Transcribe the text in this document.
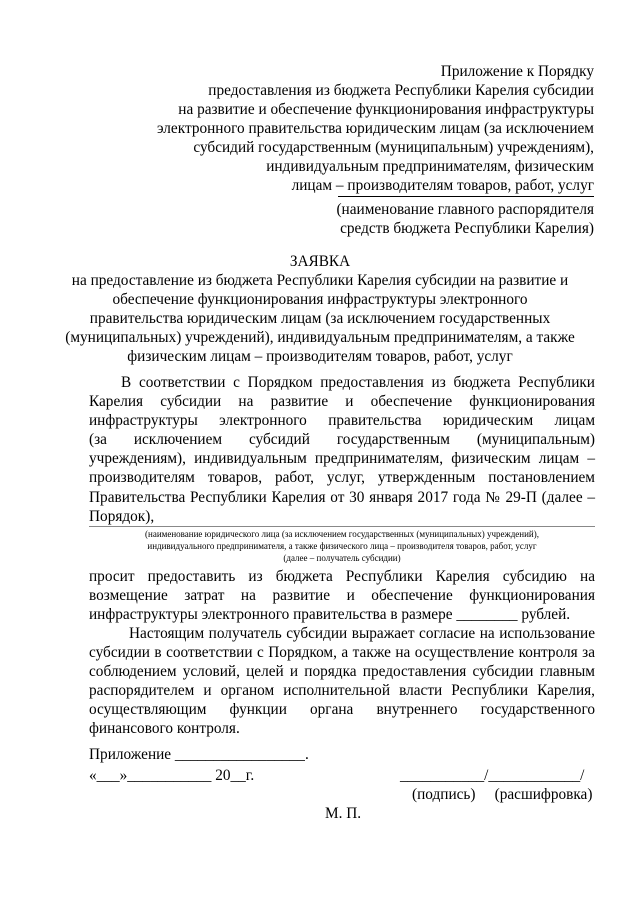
Приложение к Порядку
предоставления из бюджета Республики Карелия субсидии
на развитие и обеспечение функционирования инфраструктуры
электронного правительства юридическим лицам (за исключением
субсидий государственным (муниципальным) учреждениям),
индивидуальным предпринимателям, физическим
лицам – производителям товаров, работ, услуг
(наименование главного распорядителя
средств бюджета Республики Карелия)
ЗАЯВКА
на предоставление из бюджета Республики Карелия субсидии на развитие и
обеспечение функционирования инфраструктуры электронного
правительства юридическим лицам (за исключением государственных
(муниципальных) учреждений), индивидуальным предпринимателям, а также
физическим лицам – производителям товаров, работ, услуг
В соответствии с Порядком предоставления из бюджета Республики
Карелия субсидии на развитие и обеспечение функционирования
инфраструктуры электронного правительства юридическим лицам
(за исключением субсидий государственным (муниципальным)
учреждениям), индивидуальным предпринимателям, физическим лицам –
производителям товаров, работ, услуг, утвержденным постановлением
Правительства Республики Карелия от 30 января 2017 года № 29-П (далее –
Порядок),
(наименование юридического лица (за исключением государственных (муниципальных) учреждений),
индивидуального предпринимателя, а также физического лица – производителя товаров, работ, услуг
(далее – получатель субсидии)
просит предоставить из бюджета Республики Карелия субсидию на
возмещение затрат на развитие и обеспечение функционирования
инфраструктуры электронного правительства в размере ________ рублей.
Настоящим получатель субсидии выражает согласие на использование
субсидии в соответствии с Порядком, а также на осуществление контроля за
соблюдением условий, целей и порядка предоставления субсидии главным
распорядителем и органом исполнительной власти Республики Карелия,
осуществляющим функции органа внутреннего государственного
финансового контроля.
Приложение _________________.
«___»___________ 20__г.	___________/____________/
(подпись)     (расшифровка)
М. П.
